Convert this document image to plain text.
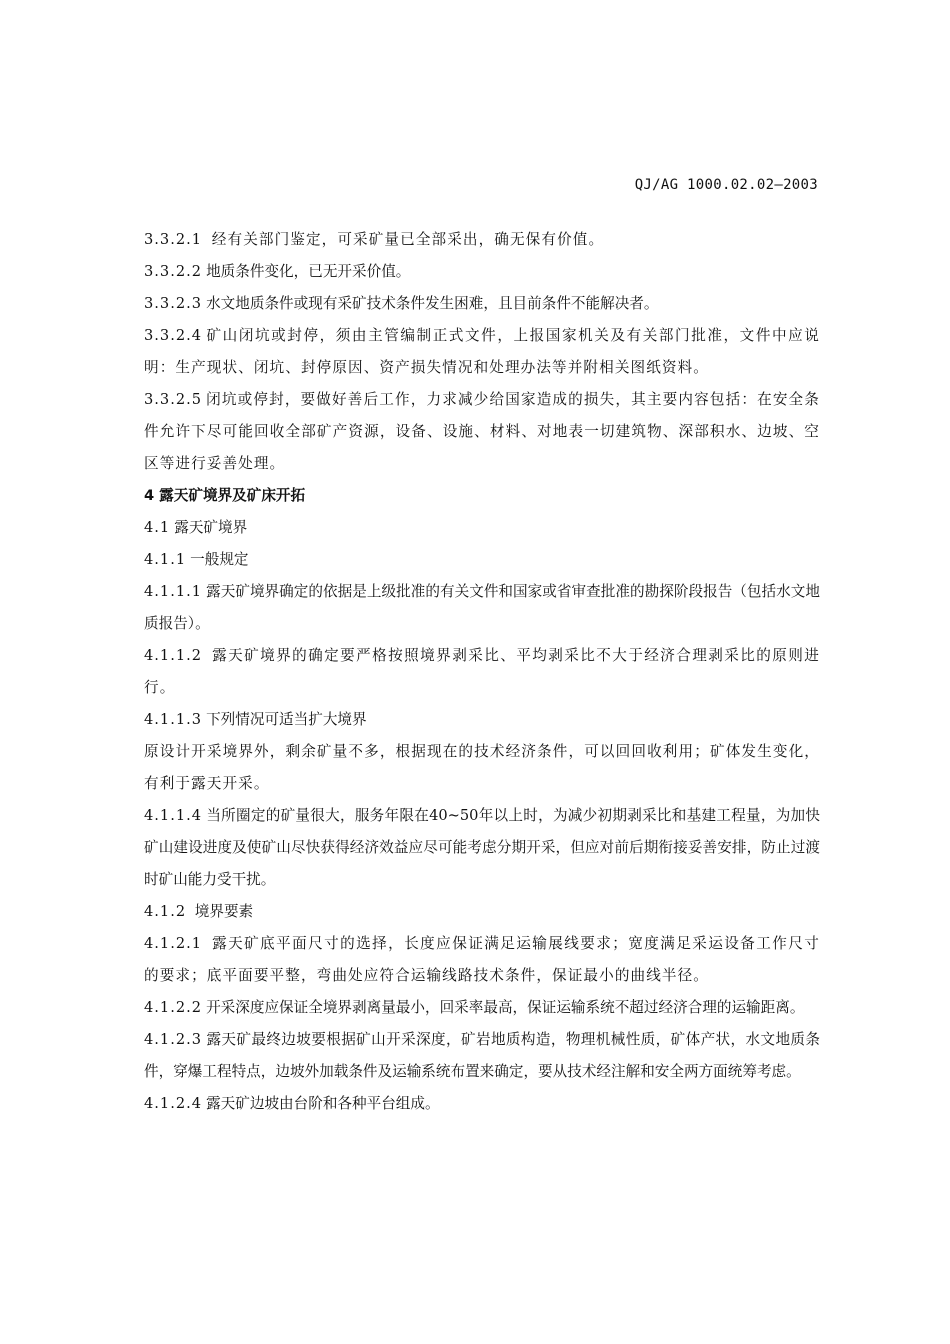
QJ/AG 1000.02.02—2003

3.3.2.1 经有关部门鉴定，可采矿量已全部采出，确无保有价值。

3.3.2.2 地质条件变化，已无开采价值。

3.3.2.3 水文地质条件或现有采矿技术条件发生困难，且目前条件不能解决者。

3.3.2.4 矿山闭坑或封停，须由主管编制正式文件，上报国家机关及有关部门批准，文件中应说明：生产现状、闭坑、封停原因、资产损失情况和处理办法等并附相关图纸资料。

3.3.2.5 闭坑或停封，要做好善后工作，力求减少给国家造成的损失，其主要内容包括：在安全条件允许下尽可能回收全部矿产资源，设备、设施、材料、对地表一切建筑物、深部积水、边坡、空区等进行妥善处理。

4 露天矿境界及矿床开拓

4.1 露天矿境界

4.1.1 一般规定

4.1.1.1 露天矿境界确定的依据是上级批准的有关文件和国家或省审查批准的勘探阶段报告（包括水文地质报告）。

4.1.1.2 露天矿境界的确定要严格按照境界剥采比、平均剥采比不大于经济合理剥采比的原则进行。

4.1.1.3 下列情况可适当扩大境界

原设计开采境界外，剩余矿量不多，根据现在的技术经济条件，可以回回收利用；矿体发生变化，有利于露天开采。

4.1.1.4 当所圈定的矿量很大，服务年限在40~50年以上时，为减少初期剥采比和基建工程量，为加快矿山建设进度及使矿山尽快获得经济效益应尽可能考虑分期开采，但应对前后期衔接妥善安排，防止过渡时矿山能力受干扰。

4.1.2 境界要素

4.1.2.1 露天矿底平面尺寸的选择，长度应保证满足运输展线要求；宽度满足采运设备工作尺寸的要求；底平面要平整，弯曲处应符合运输线路技术条件，保证最小的曲线半径。

4.1.2.2 开采深度应保证全境界剥离量最小，回采率最高，保证运输系统不超过经济合理的运输距离。

4.1.2.3 露天矿最终边坡要根据矿山开采深度，矿岩地质构造，物理机械性质，矿体产状，水文地质条件，穿爆工程特点，边坡外加载条件及运输系统布置来确定，要从技术经注解和安全两方面统筹考虑。

4.1.2.4 露天矿边坡由台阶和各种平台组成。
